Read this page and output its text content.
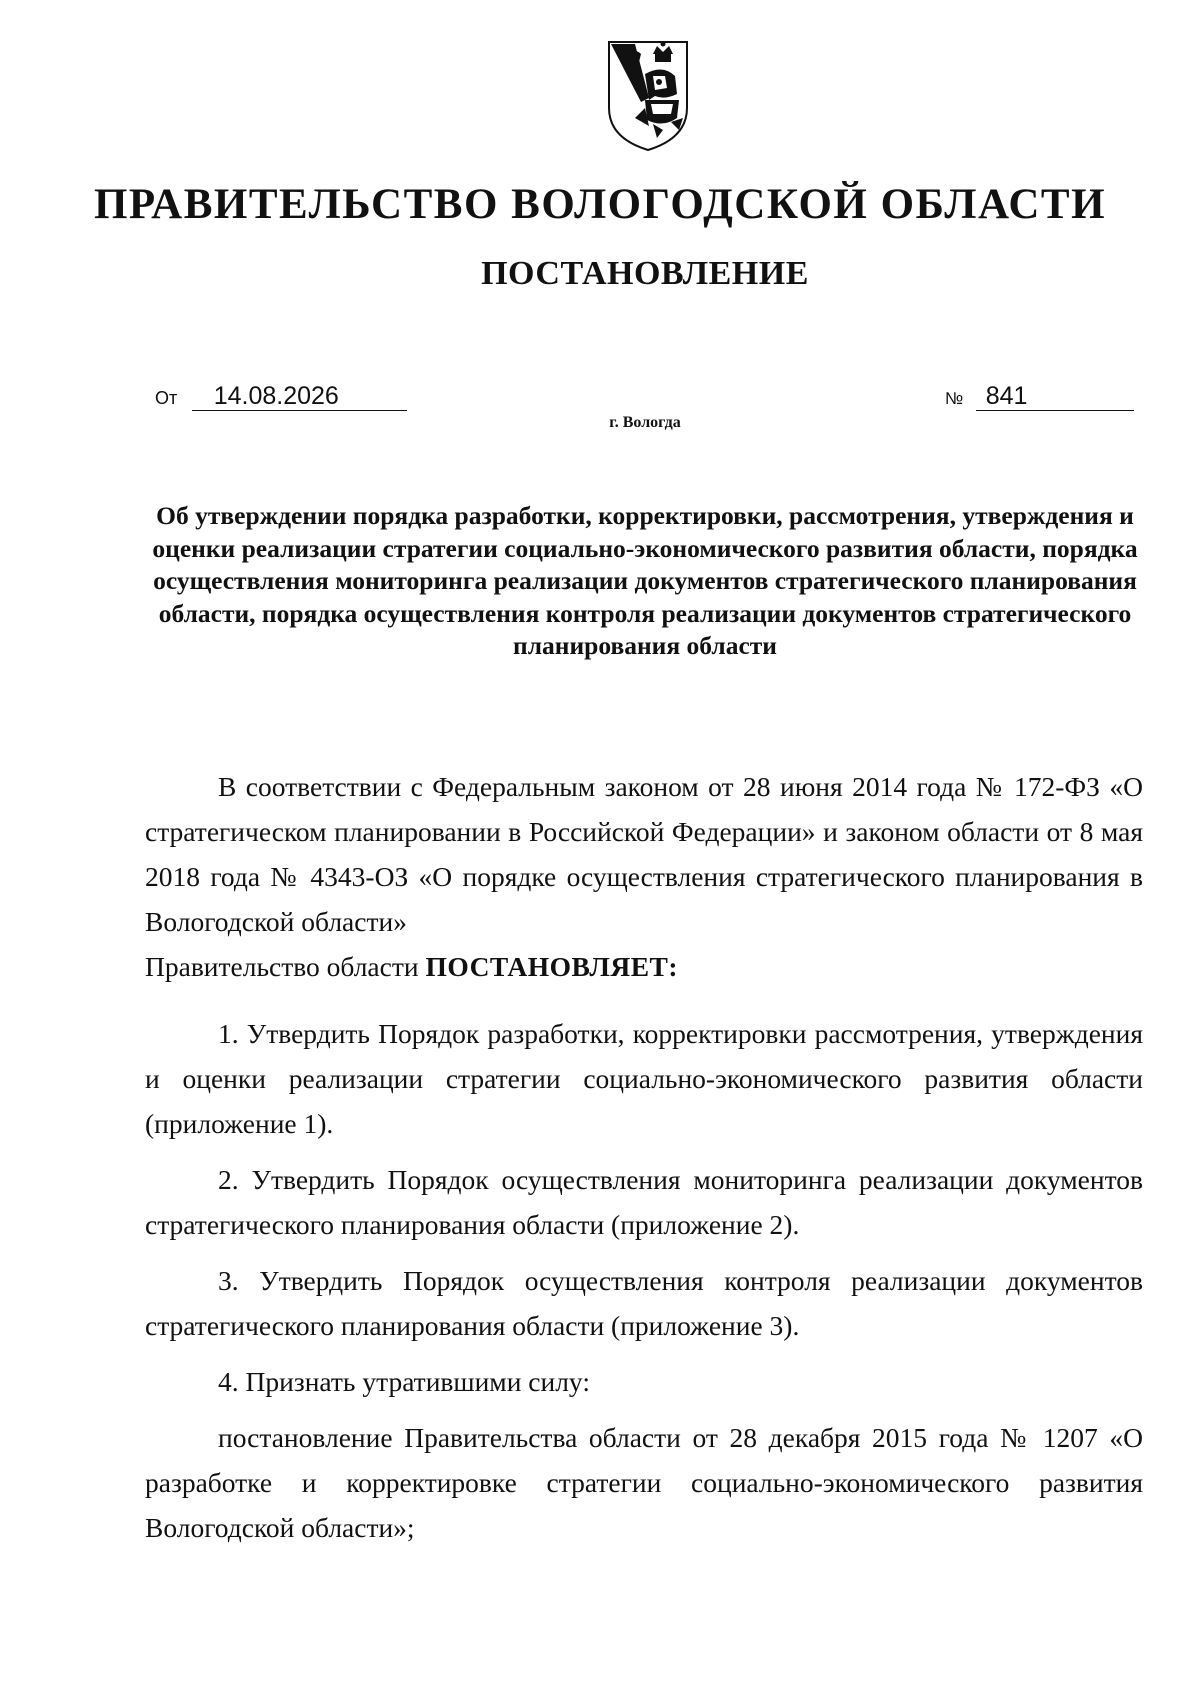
ПРАВИТЕЛЬСТВО ВОЛОГОДСКОЙ ОБЛАСТИ
ПОСТАНОВЛЕНИЕ
От 14.08.2026	№ 841
г. Вологда
Об утверждении порядка разработки, корректировки, рассмотрения, утверждения и оценки реализации стратегии социально-экономического развития области, порядка осуществления мониторинга реализации документов стратегического планирования области, порядка осуществления контроля реализации документов стратегического планирования области

В соответствии с Федеральным законом от 28 июня 2014 года № 172-ФЗ «О стратегическом планировании в Российской Федерации» и законом области от 8 мая 2018 года № 4343-ОЗ «О порядке осуществления стратегического планирования в Вологодской области»

Правительство области ПОСТАНОВЛЯЕТ:

1. Утвердить Порядок разработки, корректировки рассмотрения, утверждения и оценки реализации стратегии социально-экономического развития области (приложение 1).

2. Утвердить Порядок осуществления мониторинга реализации документов стратегического планирования области (приложение 2).

3. Утвердить Порядок осуществления контроля реализации документов стратегического планирования области (приложение 3).

4. Признать утратившими силу:

постановление Правительства области от 28 декабря 2015 года № 1207 «О разработке и корректировке стратегии социально-экономического развития Вологодской области»;
